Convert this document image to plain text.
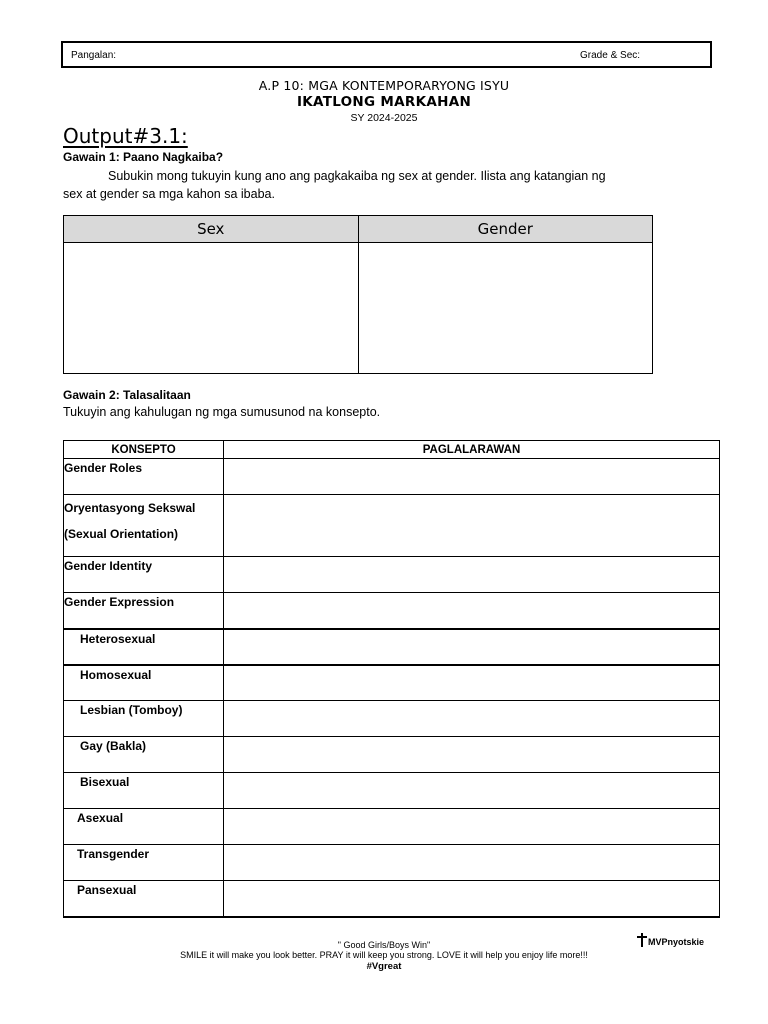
Pangalan:	Grade & Sec:
A.P 10: MGA KONTEMPORARYONG ISYU
IKATLONG MARKAHAN
SY 2024-2025
Output#3.1:
Gawain 1: Paano Nagkaiba?
Subukin mong tukuyin kung ano ang pagkakaiba ng sex at gender. Ilista ang katangian ng sex at gender sa mga kahon sa ibaba.
Sex	Gender

Gawain 2: Talasalitaan
Tukuyin ang kahulugan ng mga sumusunod na konsepto.
KONSEPTO	PAGLALARAWAN

Gender Roles	

Oryentasyong Sekswal
(Sexual Orientation)	

Gender Identity	

Gender Expression	

Heterosexual	

Homosexual	

Lesbian (Tomboy)	

Gay (Bakla)	

Bisexual	

Asexual	

Transgender	

Pansexual	

" Good Girls/Boys Win"
SMILE it will make you look better. PRAY it will keep you strong. LOVE it will help you enjoy life more!!!
#Vgreat
MVPnyotskie
